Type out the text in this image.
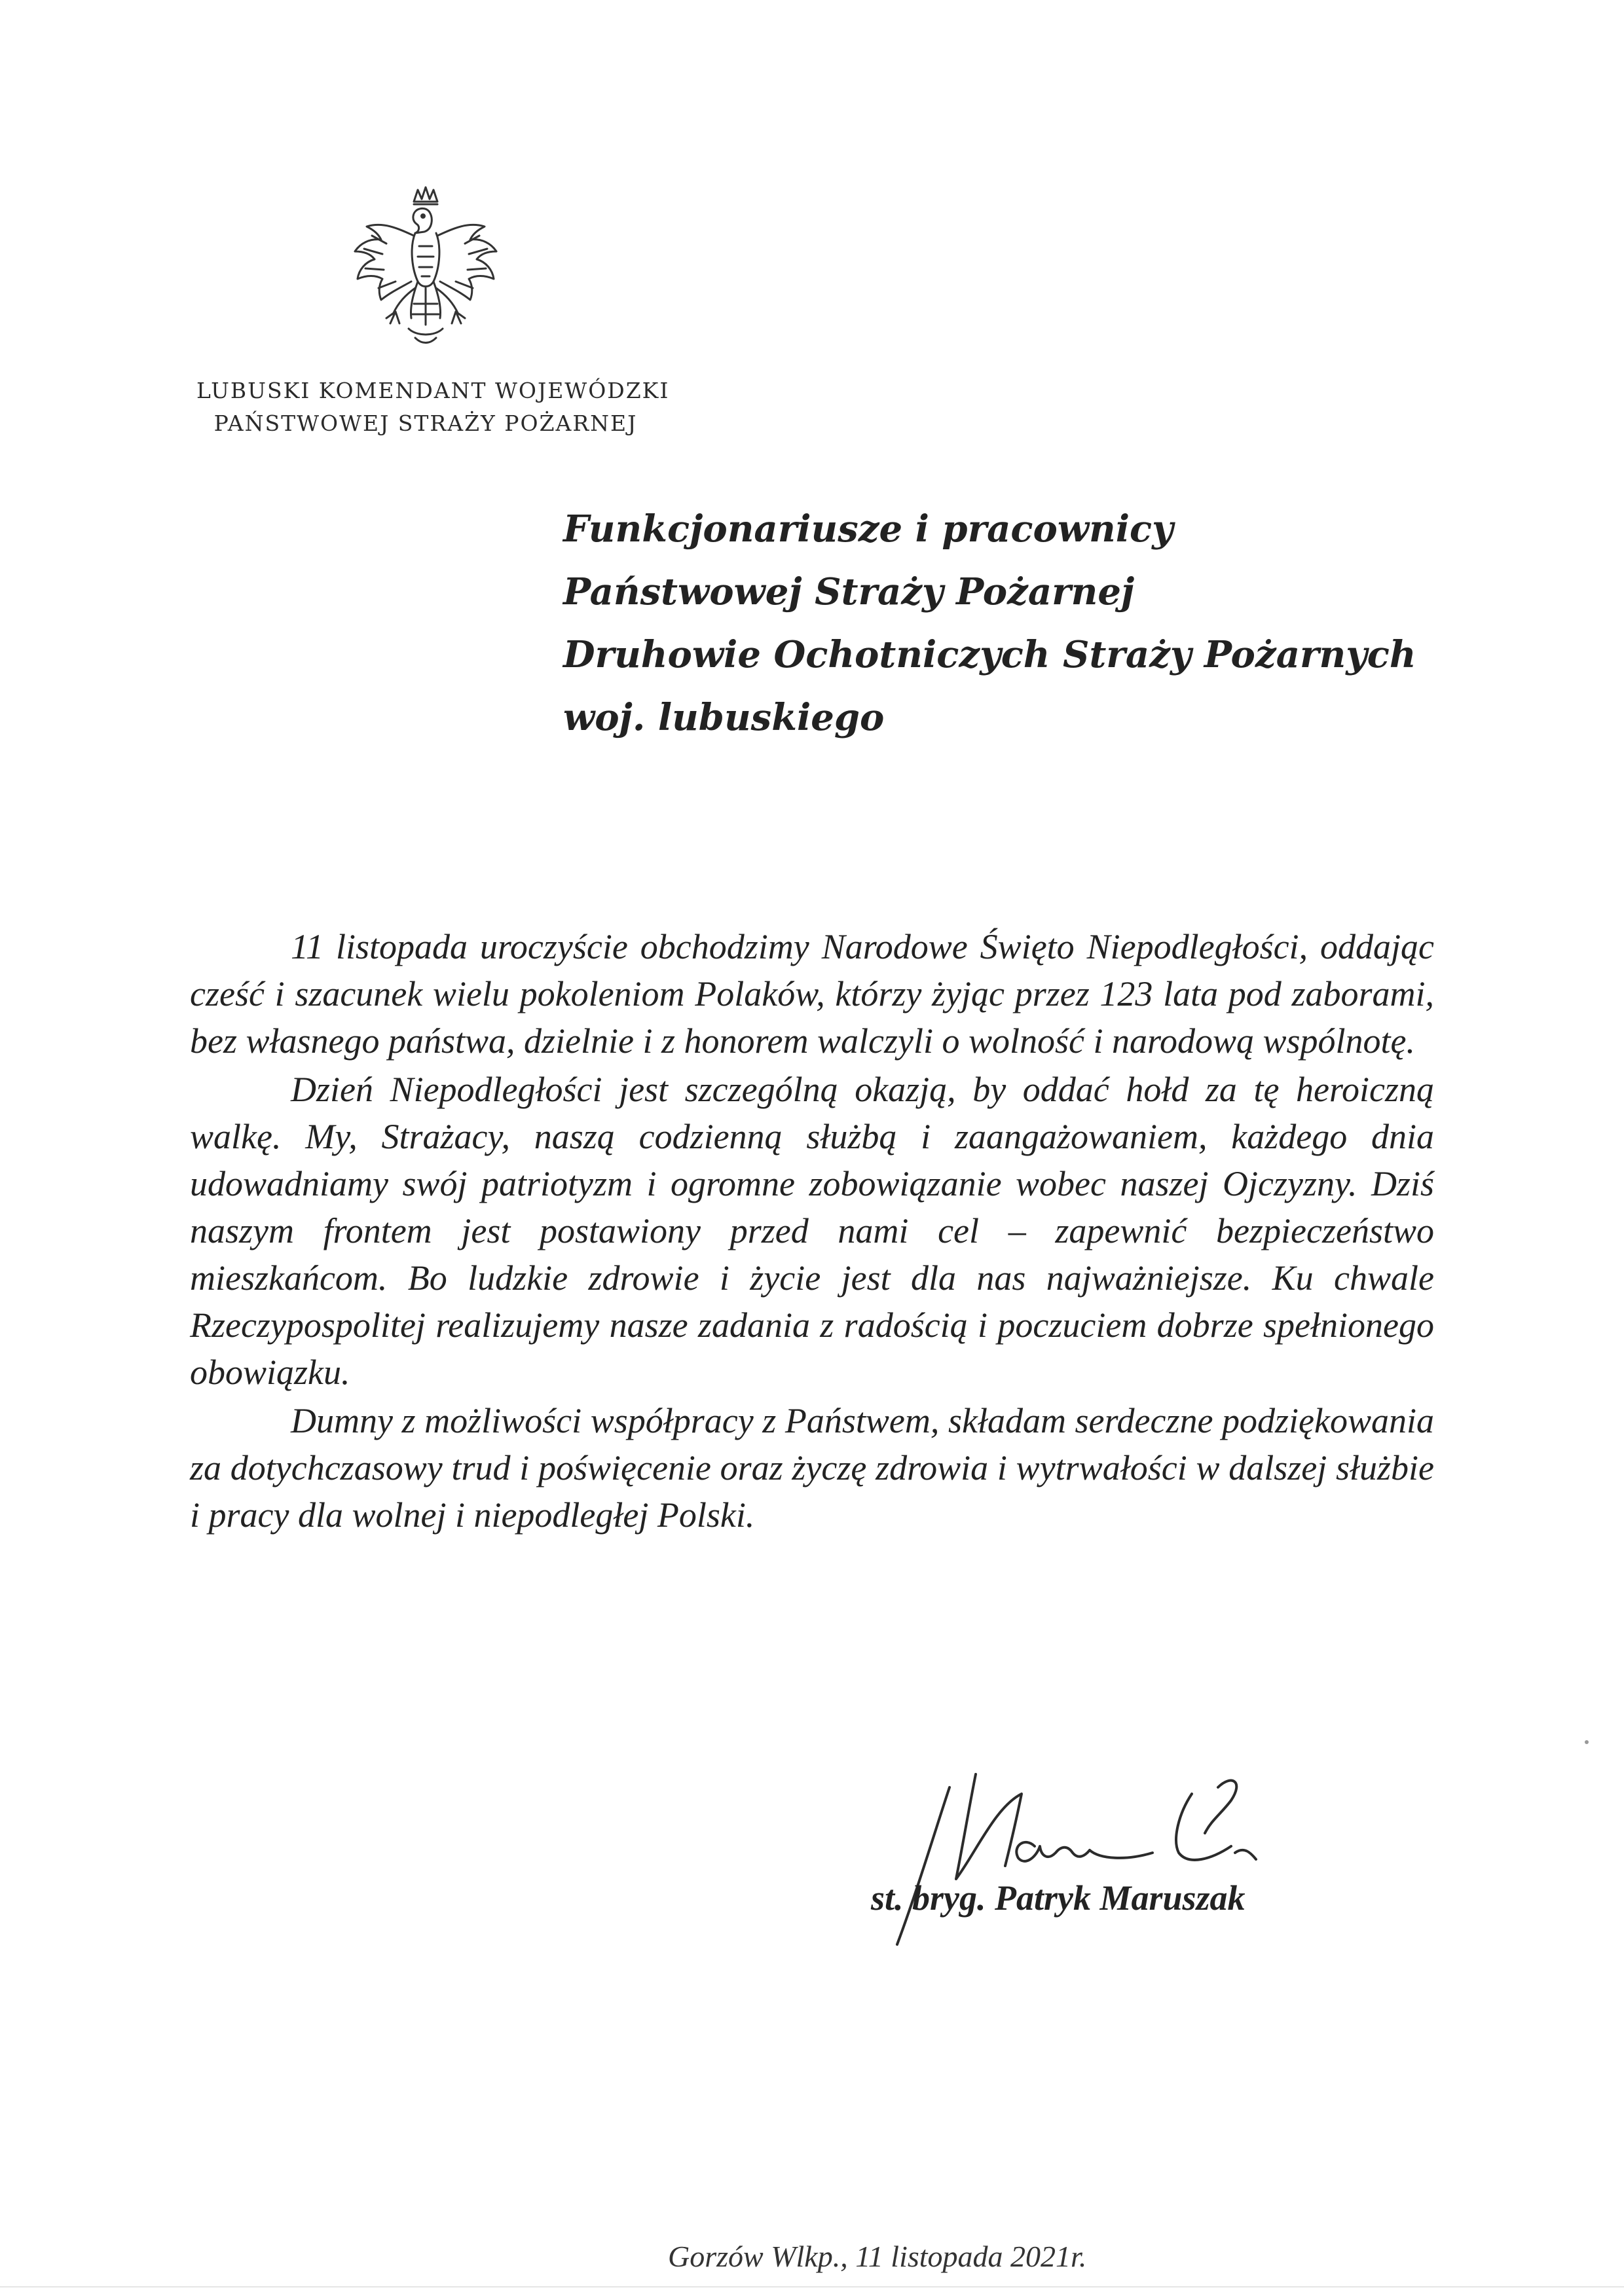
LUBUSKI KOMENDANT WOJEWÓDZKI
PAŃSTWOWEJ STRAŻY POŻARNEJ
Funkcjonariusze i pracownicy
Państwowej Straży Pożarnej
Druhowie Ochotniczych Straży Pożarnych
woj. lubuskiego

11 listopada uroczyście obchodzimy Narodowe Święto Niepodległości, oddając cześć i szacunek wielu pokoleniom Polaków, którzy żyjąc przez 123 lata pod zaborami, bez własnego państwa, dzielnie i z honorem walczyli o wolność i narodową wspólnotę.

Dzień Niepodległości jest szczególną okazją, by oddać hołd za tę heroiczną walkę. My, Strażacy, naszą codzienną służbą i zaangażowaniem, każdego dnia udowadniamy swój patriotyzm i ogromne zobowiązanie wobec naszej Ojczyzny. Dziś naszym frontem jest postawiony przed nami cel – zapewnić bezpieczeństwo mieszkańcom. Bo ludzkie zdrowie i życie jest dla nas najważniejsze. Ku chwale Rzeczypospolitej realizujemy nasze zadania z radością i poczuciem dobrze spełnionego obowiązku.

Dumny z możliwości współpracy z Państwem, składam serdeczne podziękowania za dotychczasowy trud i poświęcenie oraz życzę zdrowia i wytrwałości w dalszej służbie i pracy dla wolnej i niepodległej Polski.

st. bryg. Patryk Maruszak
Gorzów Wlkp., 11 listopada 2021r.
